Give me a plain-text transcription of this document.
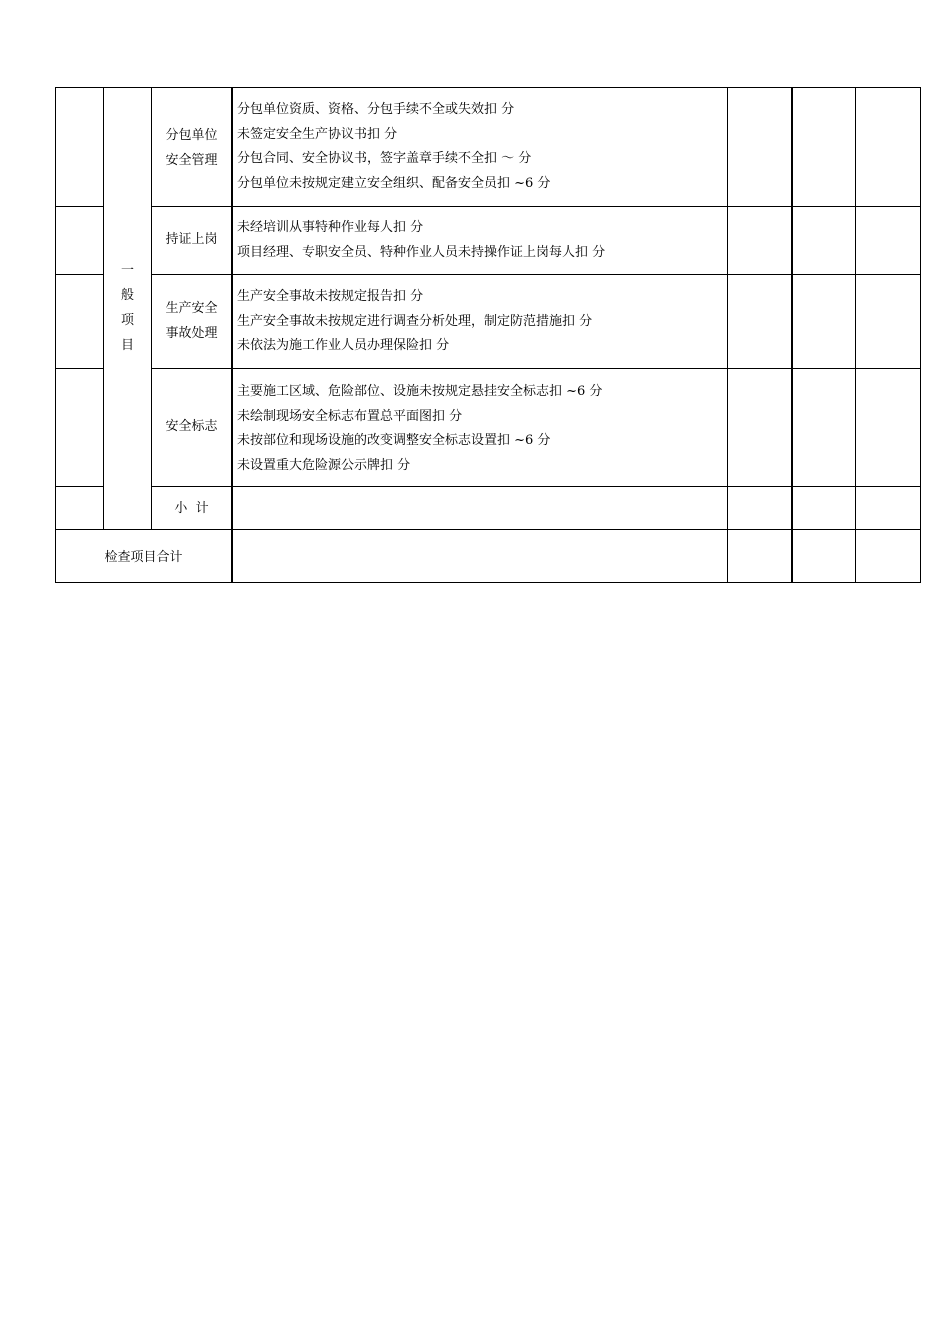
一
般
项
目
分包单位
安全管理
分包单位资质、资格、分包手续不全或失效扣 分
未签定安全生产协议书扣 分
分包合同、安全协议书，签字盖章手续不全扣 ～ 分
分包单位未按规定建立安全组织、配备安全员扣 ~6 分
持证上岗
未经培训从事特种作业每人扣 分
项目经理、专职安全员、特种作业人员未持操作证上岗每人扣 分
生产安全
事故处理
生产安全事故未按规定报告扣 分
生产安全事故未按规定进行调查分析处理，制定防范措施扣 分
未依法为施工作业人员办理保险扣 分
安全标志
主要施工区域、危险部位、设施未按规定悬挂安全标志扣 ~6 分
未绘制现场安全标志布置总平面图扣 分
未按部位和现场设施的改变调整安全标志设置扣 ~6 分
未设置重大危险源公示牌扣 分
小  计
检查项目合计
